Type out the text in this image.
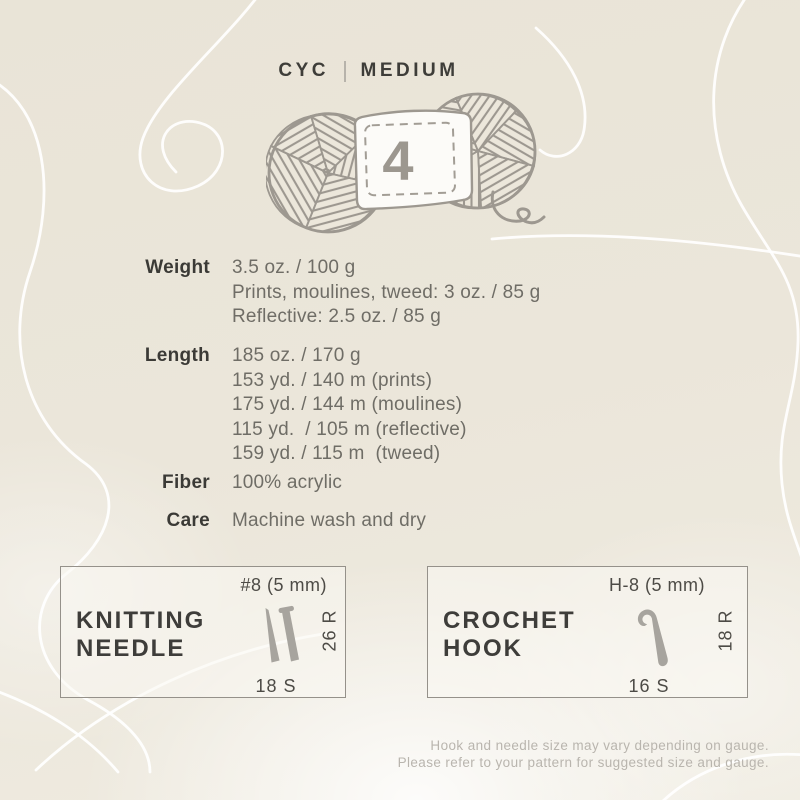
CYC MEDIUM
4
Weight 3.5 oz. / 100 g
Prints, moulines, tweed: 3 oz. / 85 g
Reflective: 2.5 oz. / 85 g
Length 185 oz. / 170 g
153 yd. / 140 m (prints)
175 yd. / 144 m (moulines)
115 yd.  / 105 m (reflective)
159 yd. / 115 m  (tweed)
Fiber 100% acrylic
Care Machine wash and dry
#8 (5 mm)
KNITTING
NEEDLE	26 R
18 S
H-8 (5 mm)
CROCHET
HOOK	18 R
16 S
Hook and needle size may vary depending on gauge.
Please refer to your pattern for suggested size and gauge.
